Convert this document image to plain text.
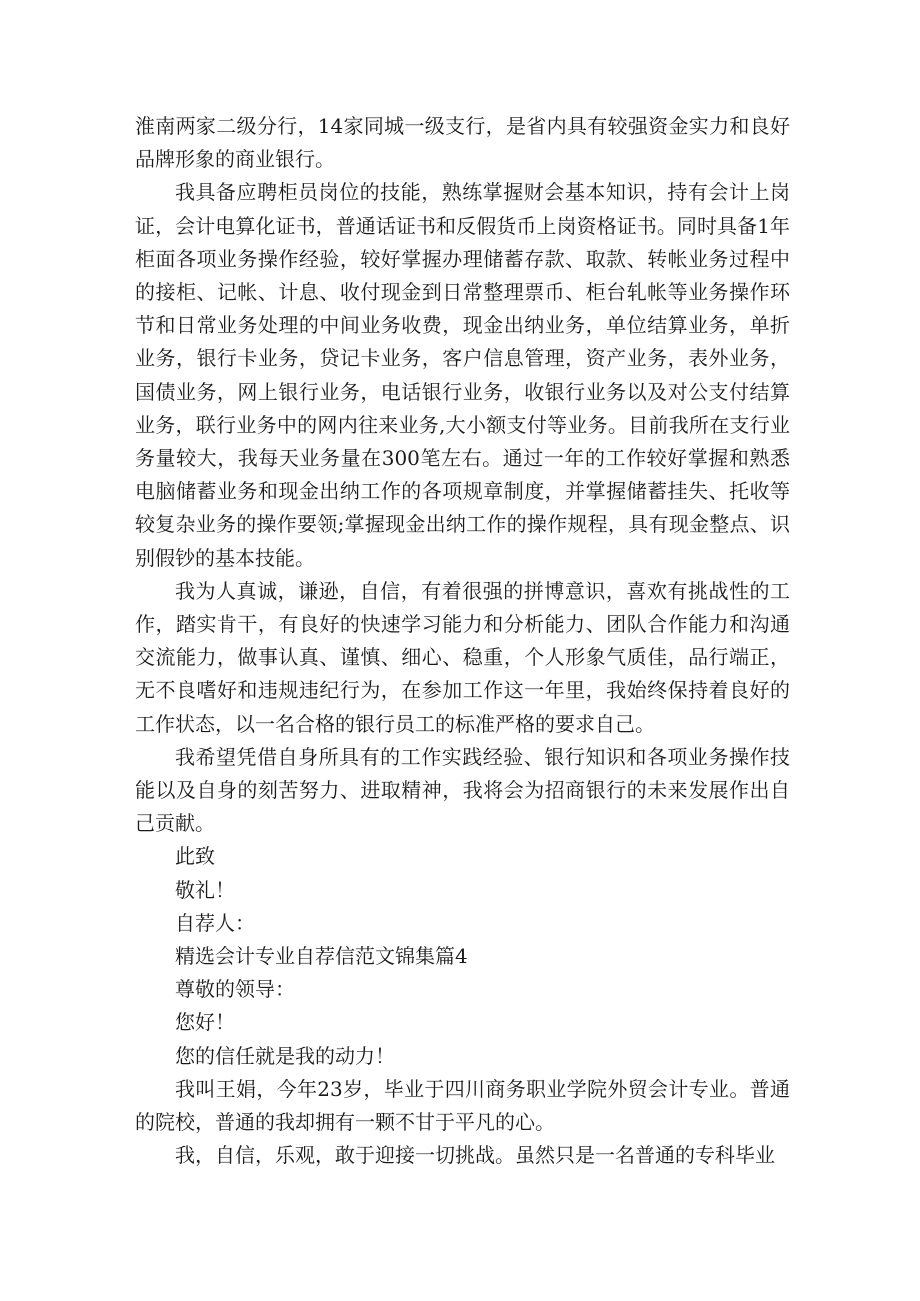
淮南两家二级分行，14家同城一级支行，是省内具有较强资金实力和良好品牌形象的商业银行。

我具备应聘柜员岗位的技能，熟练掌握财会基本知识，持有会计上岗证，会计电算化证书，普通话证书和反假货币上岗资格证书。同时具备1年柜面各项业务操作经验，较好掌握办理储蓄存款、取款、转帐业务过程中的接柜、记帐、计息、收付现金到日常整理票币、柜台轧帐等业务操作环节和日常业务处理的中间业务收费，现金出纳业务，单位结算业务，单折业务，银行卡业务，贷记卡业务，客户信息管理，资产业务，表外业务，国债业务，网上银行业务，电话银行业务，收银行业务以及对公支付结算业务，联行业务中的网内往来业务,大小额支付等业务。目前我所在支行业务量较大，我每天业务量在300笔左右。通过一年的工作较好掌握和熟悉电脑储蓄业务和现金出纳工作的各项规章制度，并掌握储蓄挂失、托收等较复杂业务的操作要领;掌握现金出纳工作的操作规程，具有现金整点、识别假钞的基本技能。

我为人真诚，谦逊，自信，有着很强的拼博意识，喜欢有挑战性的工作，踏实肯干，有良好的快速学习能力和分析能力、团队合作能力和沟通交流能力，做事认真、谨慎、细心、稳重，个人形象气质佳，品行端正，无不良嗜好和违规违纪行为，在参加工作这一年里，我始终保持着良好的工作状态，以一名合格的银行员工的标准严格的要求自己。

我希望凭借自身所具有的工作实践经验、银行知识和各项业务操作技能以及自身的刻苦努力、进取精神，我将会为招商银行的未来发展作出自己贡献。

此致

敬礼！

自荐人：

精选会计专业自荐信范文锦集篇4

尊敬的领导：

您好！

您的信任就是我的动力！

我叫王娟，今年23岁，毕业于四川商务职业学院外贸会计专业。普通的院校，普通的我却拥有一颗不甘于平凡的心。

我，自信，乐观，敢于迎接一切挑战。虽然只是一名普通的专科毕业
